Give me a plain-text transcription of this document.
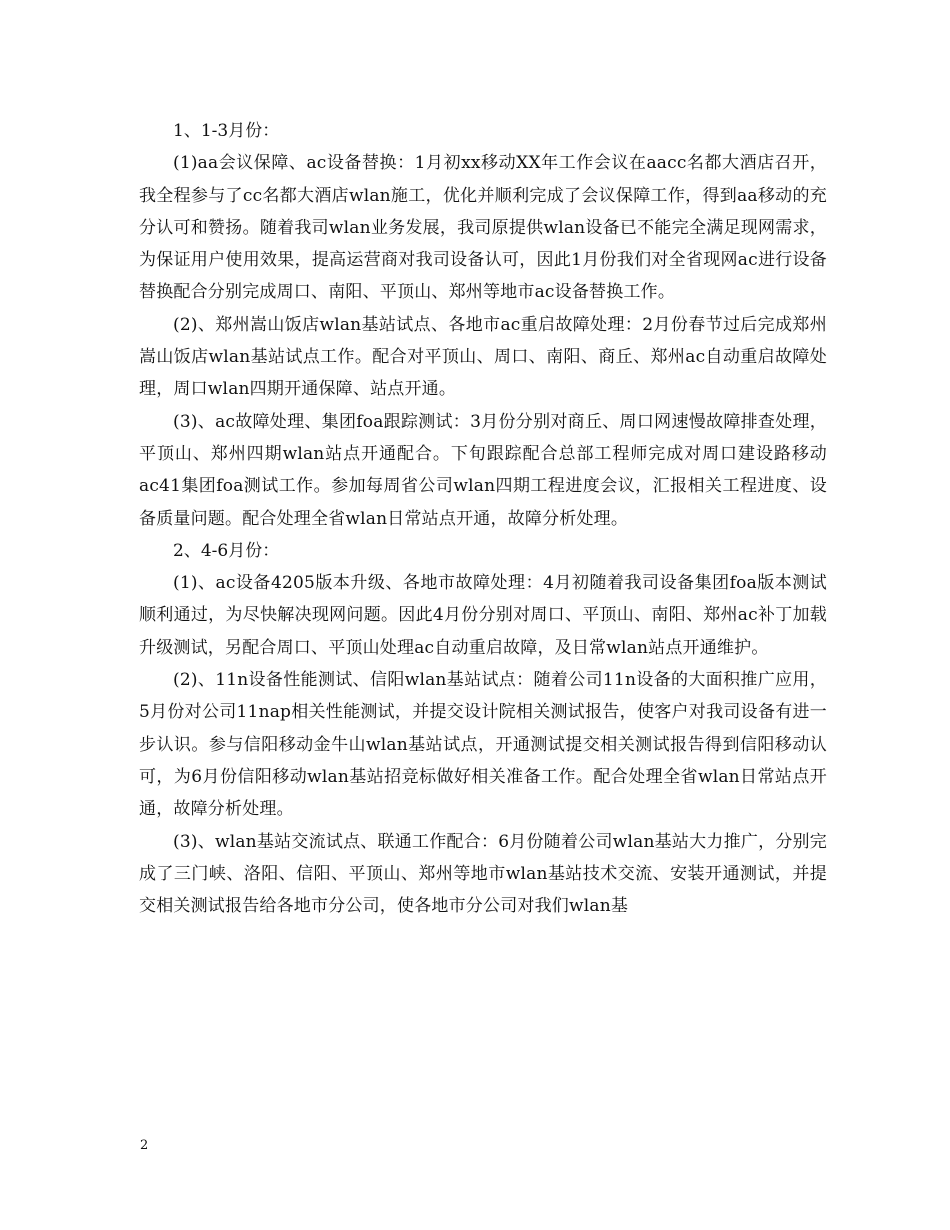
1、1-3月份：

(1)aa会议保障、ac设备替换：1月初xx移动XX年工作会议在aacc名都大酒店召开，我全程参与了cc名都大酒店wlan施工，优化并顺利完成了会议保障工作，得到aa移动的充分认可和赞扬。随着我司wlan业务发展，我司原提供wlan设备已不能完全满足现网需求，为保证用户使用效果，提高运营商对我司设备认可，因此1月份我们对全省现网ac进行设备替换配合分别完成周口、南阳、平顶山、郑州等地市ac设备替换工作。

(2)、郑州嵩山饭店wlan基站试点、各地市ac重启故障处理：2月份春节过后完成郑州嵩山饭店wlan基站试点工作。配合对平顶山、周口、南阳、商丘、郑州ac自动重启故障处理，周口wlan四期开通保障、站点开通。

(3)、ac故障处理、集团foa跟踪测试：3月份分别对商丘、周口网速慢故障排查处理，平顶山、郑州四期wlan站点开通配合。下旬跟踪配合总部工程师完成对周口建设路移动ac41集团foa测试工作。参加每周省公司wlan四期工程进度会议，汇报相关工程进度、设备质量问题。配合处理全省wlan日常站点开通，故障分析处理。

2、4-6月份：

(1)、ac设备4205版本升级、各地市故障处理：4月初随着我司设备集团foa版本测试顺利通过，为尽快解决现网问题。因此4月份分别对周口、平顶山、南阳、郑州ac补丁加载升级测试，另配合周口、平顶山处理ac自动重启故障，及日常wlan站点开通维护。

(2)、11n设备性能测试、信阳wlan基站试点：随着公司11n设备的大面积推广应用，5月份对公司11nap相关性能测试，并提交设计院相关测试报告，使客户对我司设备有进一步认识。参与信阳移动金牛山wlan基站试点，开通测试提交相关测试报告得到信阳移动认可，为6月份信阳移动wlan基站招竞标做好相关准备工作。配合处理全省wlan日常站点开通，故障分析处理。

(3)、wlan基站交流试点、联通工作配合：6月份随着公司wlan基站大力推广，分别完成了三门峡、洛阳、信阳、平顶山、郑州等地市wlan基站技术交流、安装开通测试，并提交相关测试报告给各地市分公司，使各地市分公司对我们wlan基

2
